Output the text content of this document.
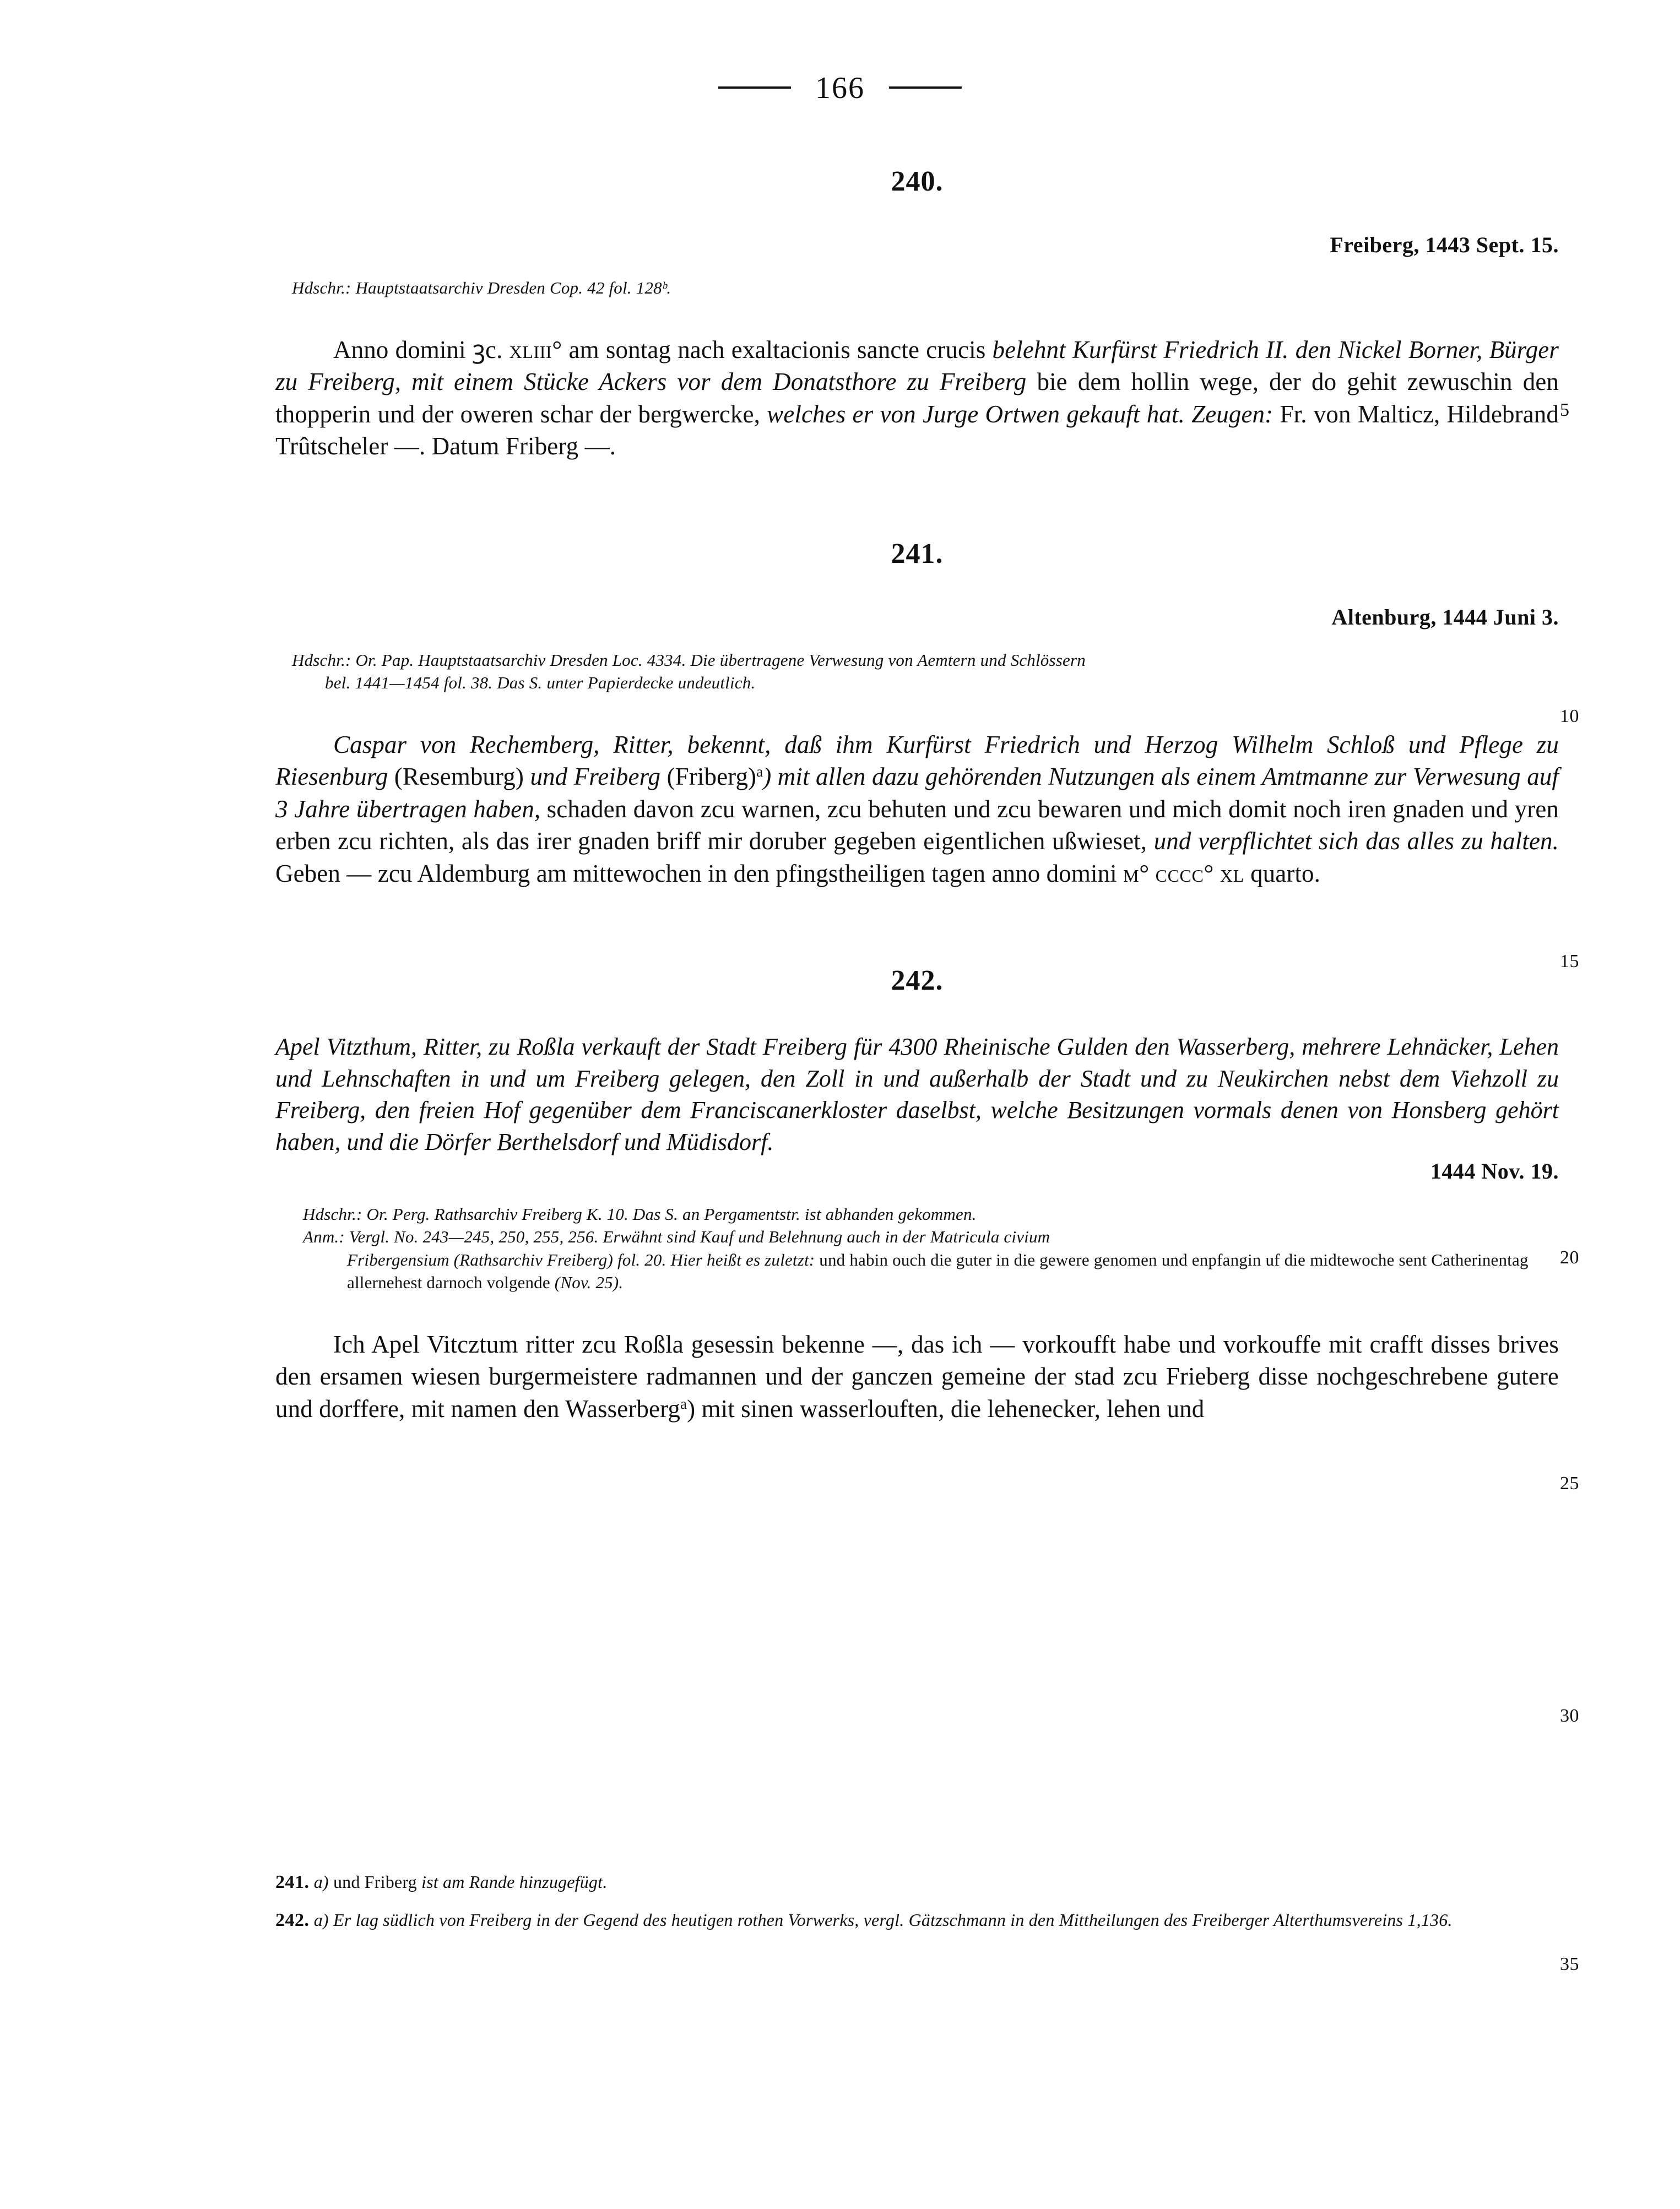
166
240.
Freiberg, 1443 Sept. 15.
Hdschr.: Hauptstaatsarchiv Dresden Cop. 42 fol. 128ᵇ.

Anno domini ꝫс. xliii° am sontag nach exaltacionis sancte crucis belehnt Kurfürst Friedrich II. den Nickel Borner, Bürger zu Freiberg, mit einem Stücke Ackers vor dem Donatsthore zu Freiberg bie dem hollin wege, der do gehit zewuschin den thopperin und der oweren schar der bergwercke, welches er von Jurge Ortwen gekauft hat. Zeugen: Fr. von Malticz, Hildebrand Trûtscheler —. Datum Friberg —.

241.
Altenburg, 1444 Juni 3.
Hdschr.: Or. Pap. Hauptstaatsarchiv Dresden Loc. 4334. Die übertragene Verwesung von Aemtern und Schlössern
bel. 1441—1454 fol. 38. Das S. unter Papierdecke undeutlich.

Caspar von Rechemberg, Ritter, bekennt, daß ihm Kurfürst Friedrich und Herzog Wilhelm Schloß und Pflege zu Riesenburg (Resemburg) und Freiberg (Friberg)$^a$) mit allen dazu gehörenden Nutzungen als einem Amtmanne zur Verwesung auf 3 Jahre übertragen haben, schaden davon zcu warnen, zcu behuten und zcu bewaren und mich domit noch iren gnaden und yren erben zcu richten, als das irer gnaden briff mir doruber gegeben eigentlichen ußwieset, und verpflichtet sich das alles zu halten. Geben — zcu Aldemburg am mittewochen in den pfingstheiligen tagen anno domini m° cccc° xl quarto.

242.

Apel Vitzthum, Ritter, zu Roßla verkauft der Stadt Freiberg für 4300 Rheinische Gulden den Wasserberg, mehrere Lehnäcker, Lehen und Lehnschaften in und um Freiberg gelegen, den Zoll in und außerhalb der Stadt und zu Neukirchen nebst dem Viehzoll zu Freiberg, den freien Hof gegenüber dem Franciscanerkloster daselbst, welche Besitzungen vormals denen von Honsberg gehört haben, und die Dörfer Berthelsdorf und Müdisdorf.

1444 Nov. 19.
Hdschr.: Or. Perg. Rathsarchiv Freiberg K. 10. Das S. an Pergamentstr. ist abhanden gekommen.
Anm.: Vergl. No. 243—245, 250, 255, 256. Erwähnt sind Kauf und Belehnung auch in der Matricula civium
Fribergensium (Rathsarchiv Freiberg) fol. 20. Hier heißt es zuletzt: und habin ouch die guter in die gewere genomen und enpfangin uf die midtewoche sent Catherinentag allernehest darnoch volgende (Nov. 25).

Ich Apel Vitcztum ritter zcu Roßla gesessin bekenne —, das ich — vorkoufft habe und vorkouffe mit crafft disses brives den ersamen wiesen burgermeistere radmannen und der ganczen gemeine der stad zcu Frieberg disse nochgeschrebene gutere und dorffere, mit namen den Wasserberg$^a$) mit sinen wasserlouften, die lehenecker, lehen und

5
10
15
20
25
30
35
241. a) und Friberg ist am Rande hinzugefügt.
242. a) Er lag südlich von Freiberg in der Gegend des heutigen rothen Vorwerks, vergl. Gätzschmann in den Mittheilungen des Freiberger Alterthumsvereins 1,136.
